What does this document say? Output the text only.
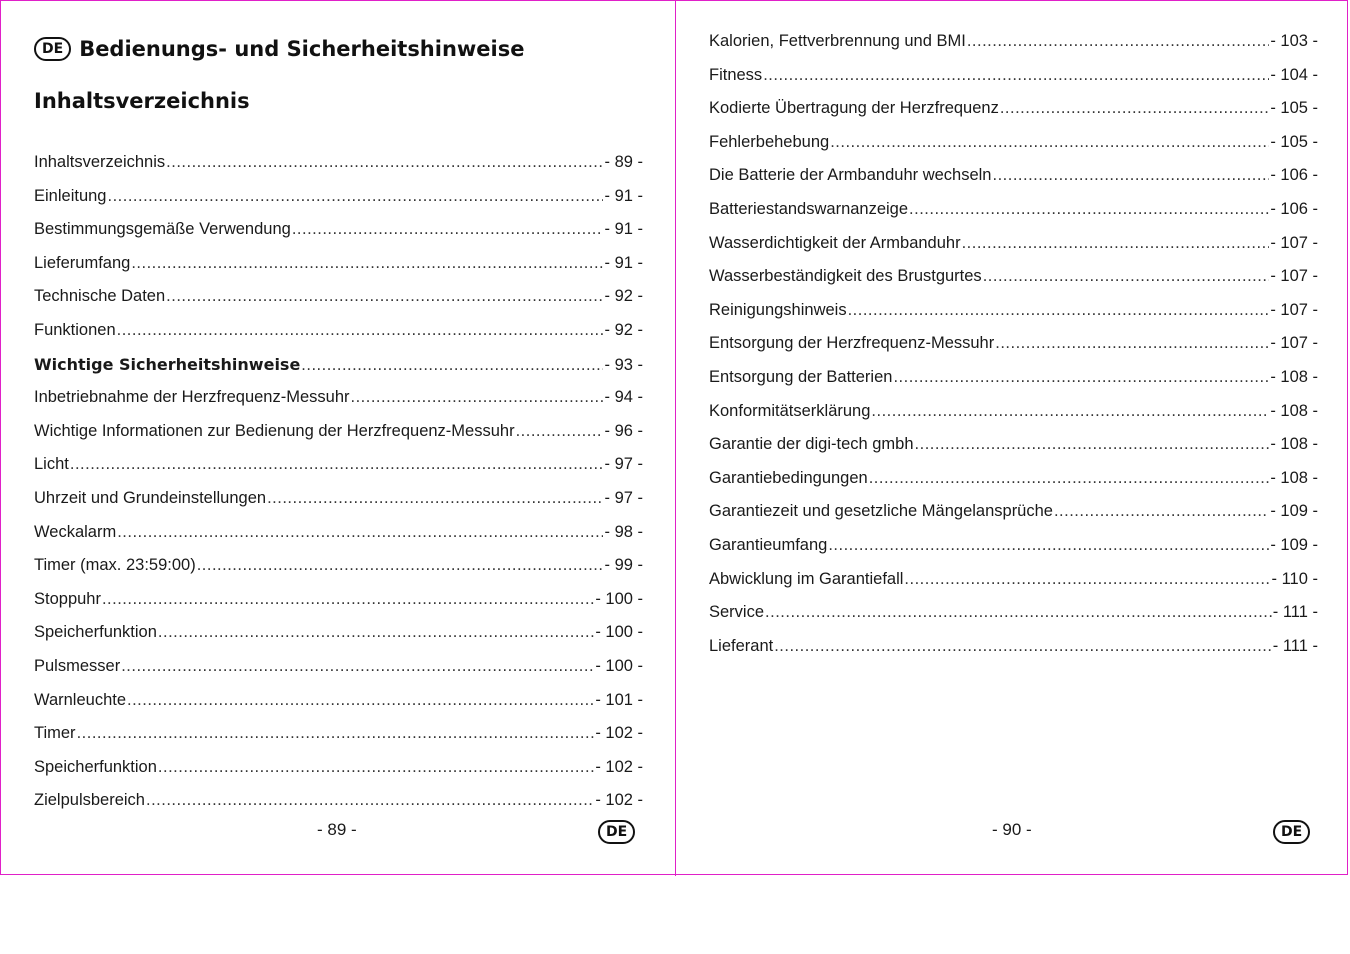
DE Bedienungs- und Sicherheitshinweise
Inhaltsverzeichnis
Inhaltsverzeichnis .....	- 89 -
Einleitung .....	- 91 -
Bestimmungsgemäße Verwendung .....	- 91 -
Lieferumfang .....	- 91 -
Technische Daten .....	- 92 -
Funktionen .....	- 92 -
Wichtige Sicherheitshinweise .....	- 93 -
Inbetriebnahme der Herzfrequenz-Messuhr .....	- 94 -
Wichtige Informationen zur Bedienung der Herzfrequenz-Messuhr .....	- 96 -
Licht .....	- 97 -
Uhrzeit und Grundeinstellungen .....	- 97 -
Weckalarm .....	- 98 -
Timer (max. 23:59:00) .....	- 99 -
Stoppuhr .....	- 100 -
Speicherfunktion .....	- 100 -
Pulsmesser .....	- 100 -
Warnleuchte .....	- 101 -
Timer .....	- 102 -
Speicherfunktion .....	- 102 -
Zielpulsbereich .....	- 102 -
- 89 -	DE
Kalorien, Fettverbrennung und BMI .....	- 103 -
Fitness .....	- 104 -
Kodierte Übertragung der Herzfrequenz .....	- 105 -
Fehlerbehebung .....	- 105 -
Die Batterie der Armbanduhr wechseln .....	- 106 -
Batteriestandswarnanzeige .....	- 106 -
Wasserdichtigkeit der Armbanduhr .....	- 107 -
Wasserbeständigkeit des Brustgurtes .....	- 107 -
Reinigungshinweis .....	- 107 -
Entsorgung der Herzfrequenz-Messuhr .....	- 107 -
Entsorgung der Batterien .....	- 108 -
Konformitätserklärung .....	- 108 -
Garantie der digi-tech gmbh .....	- 108 -
Garantiebedingungen .....	- 108 -
Garantiezeit und gesetzliche Mängelansprüche .....	- 109 -
Garantieumfang .....	- 109 -
Abwicklung im Garantiefall .....	- 110 -
Service .....	- 111 -
Lieferant .....	- 111 -
- 90 -	DE
